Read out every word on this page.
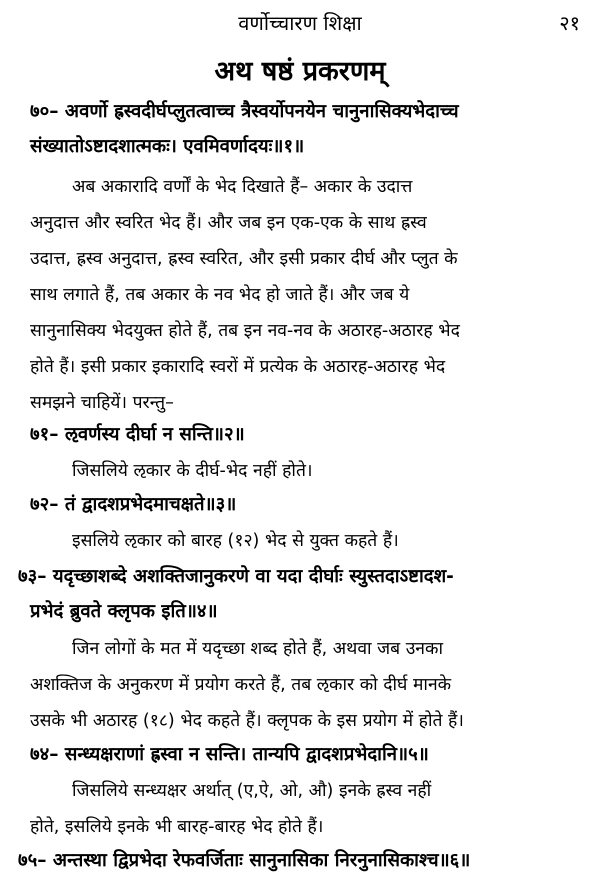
वर्णोच्चारण शिक्षा	२१
अथ षष्ठं प्रकरणम्
७०– अवर्णो ह्रस्वदीर्घप्लुतत्वाच्च त्रैस्वर्योपनयेन चानुनासिक्यभेदाच्च
संख्यातोऽष्टादशात्मकः। एवमिवर्णादयः॥१॥
अब अकारादि वर्णों के भेद दिखाते हैं– अकार के उदात्त
अनुदात्त और स्वरित भेद हैं। और जब इन एक-एक के साथ ह्रस्व
उदात्त, ह्रस्व अनुदात्त, ह्रस्व स्वरित, और इसी प्रकार दीर्घ और प्लुत के
साथ लगाते हैं, तब अकार के नव भेद हो जाते हैं। और जब ये
सानुनासिक्य भेदयुक्त होते हैं, तब इन नव-नव के अठारह-अठारह भेद
होते हैं। इसी प्रकार इकारादि स्वरों में प्रत्येक के अठारह-अठारह भेद
समझने चाहियें। परन्तु–
७१– ऌवर्णस्य दीर्घा न सन्ति॥२॥
जिसलिये ऌकार के दीर्घ-भेद नहीं होते।
७२– तं द्वादशप्रभेदमाचक्षते॥३॥
इसलिये ऌकार को बारह (१२) भेद से युक्त कहते हैं।
७३– यदृच्छाशब्दे अशक्तिजानुकरणे वा यदा दीर्घाः स्युस्तदाऽष्टादश-
प्रभेदं ब्रुवते क्लृपक इति॥४॥
जिन लोगों के मत में यदृच्छा शब्द होते हैं, अथवा जब उनका
अशक्तिज के अनुकरण में प्रयोग करते हैं, तब ऌकार को दीर्घ मानके
उसके भी अठारह (१८) भेद कहते हैं। क्लृपक के इस प्रयोग में होते हैं।
७४– सन्ध्यक्षराणां ह्रस्वा न सन्ति। तान्यपि द्वादशप्रभेदानि॥५॥
जिसलिये सन्ध्यक्षर अर्थात् (ए,ऐ, ओ, औ) इनके ह्रस्व नहीं
होते, इसलिये इनके भी बारह-बारह भेद होते हैं।
७५– अन्तस्था द्विप्रभेदा रेफवर्जिताः सानुनासिका निरनुनासिकाश्च॥६॥
